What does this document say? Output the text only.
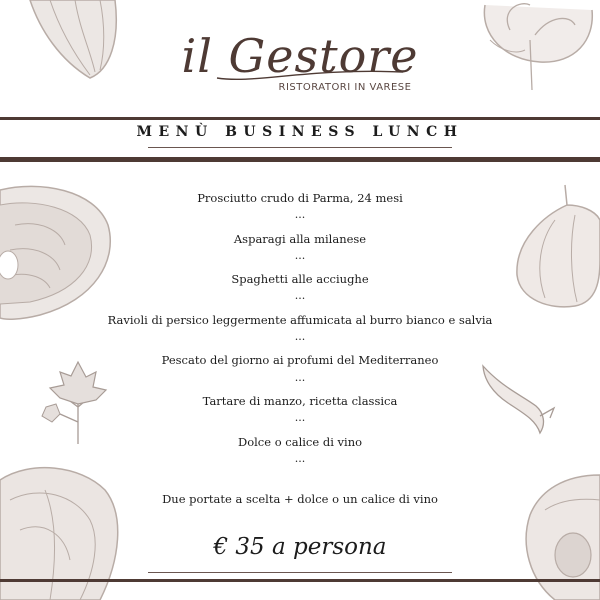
il Gestore
RISTORATORI IN VARESE
MENÙ BUSINESS LUNCH
Prosciutto crudo di Parma, 24 mesi
...
Asparagi alla milanese
...
Spaghetti alle acciughe
...
Ravioli di persico leggermente affumicata al burro bianco e salvia
...
Pescato del giorno ai profumi del Mediterraneo
...
Tartare di manzo, ricetta classica
...
Dolce o calice di vino
...
Due portate a scelta + dolce o un calice di vino
€ 35 a persona
